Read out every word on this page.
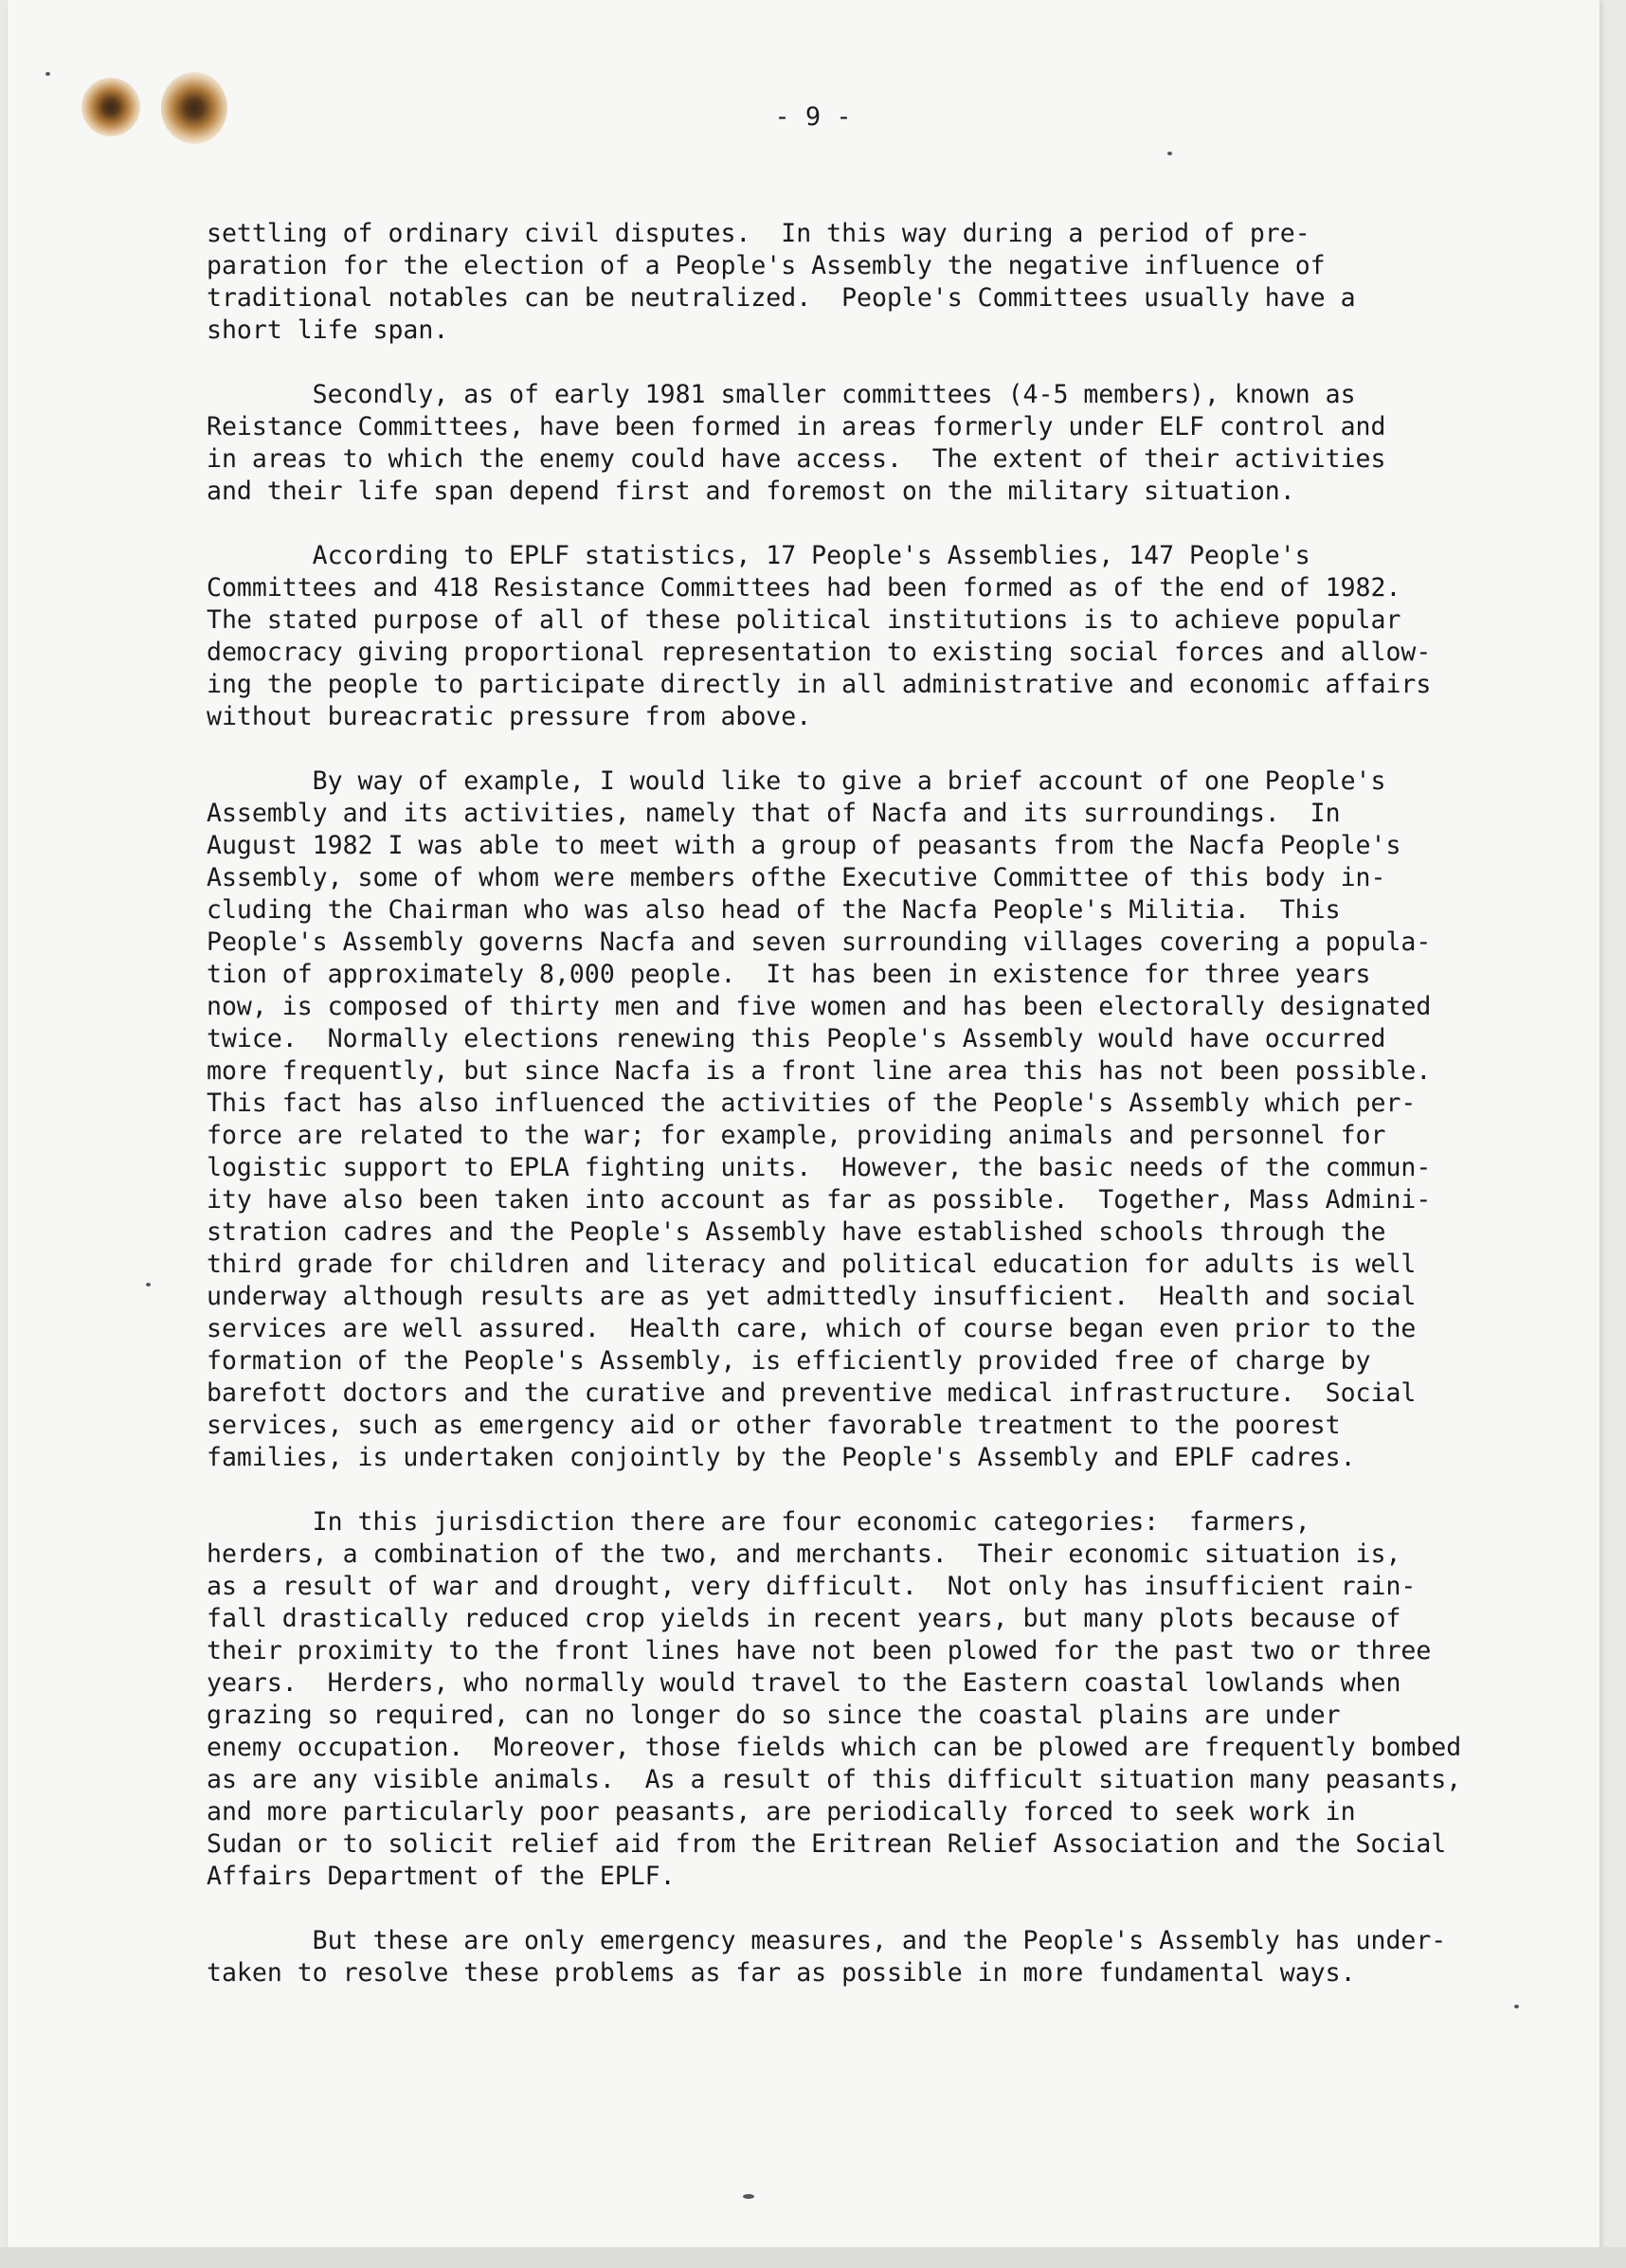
- 9 -
settling of ordinary civil disputes.  In this way during a period of pre-
paration for the election of a People's Assembly the negative influence of
traditional notables can be neutralized.  People's Committees usually have a
short life span.
Secondly, as of early 1981 smaller committees (4-5 members), known as
Reistance Committees, have been formed in areas formerly under ELF control and
in areas to which the enemy could have access.  The extent of their activities
and their life span depend first and foremost on the military situation.
According to EPLF statistics, 17 People's Assemblies, 147 People's
Committees and 418 Resistance Committees had been formed as of the end of 1982.
The stated purpose of all of these political institutions is to achieve popular
democracy giving proportional representation to existing social forces and allow-
ing the people to participate directly in all administrative and economic affairs
without bureacratic pressure from above.
By way of example, I would like to give a brief account of one People's
Assembly and its activities, namely that of Nacfa and its surroundings.  In
August 1982 I was able to meet with a group of peasants from the Nacfa People's
Assembly, some of whom were members ofthe Executive Committee of this body in-
cluding the Chairman who was also head of the Nacfa People's Militia.  This
People's Assembly governs Nacfa and seven surrounding villages covering a popula-
tion of approximately 8,000 people.  It has been in existence for three years
now, is composed of thirty men and five women and has been electorally designated
twice.  Normally elections renewing this People's Assembly would have occurred
more frequently, but since Nacfa is a front line area this has not been possible.
This fact has also influenced the activities of the People's Assembly which per-
force are related to the war; for example, providing animals and personnel for
logistic support to EPLA fighting units.  However, the basic needs of the commun-
ity have also been taken into account as far as possible.  Together, Mass Admini-
stration cadres and the People's Assembly have established schools through the
third grade for children and literacy and political education for adults is well
underway although results are as yet admittedly insufficient.  Health and social
services are well assured.  Health care, which of course began even prior to the
formation of the People's Assembly, is efficiently provided free of charge by
barefott doctors and the curative and preventive medical infrastructure.  Social
services, such as emergency aid or other favorable treatment to the poorest
families, is undertaken conjointly by the People's Assembly and EPLF cadres.
In this jurisdiction there are four economic categories:  farmers,
herders, a combination of the two, and merchants.  Their economic situation is,
as a result of war and drought, very difficult.  Not only has insufficient rain-
fall drastically reduced crop yields in recent years, but many plots because of
their proximity to the front lines have not been plowed for the past two or three
years.  Herders, who normally would travel to the Eastern coastal lowlands when
grazing so required, can no longer do so since the coastal plains are under
enemy occupation.  Moreover, those fields which can be plowed are frequently bombed
as are any visible animals.  As a result of this difficult situation many peasants,
and more particularly poor peasants, are periodically forced to seek work in
Sudan or to solicit relief aid from the Eritrean Relief Association and the Social
Affairs Department of the EPLF.
But these are only emergency measures, and the People's Assembly has under-
taken to resolve these problems as far as possible in more fundamental ways.
